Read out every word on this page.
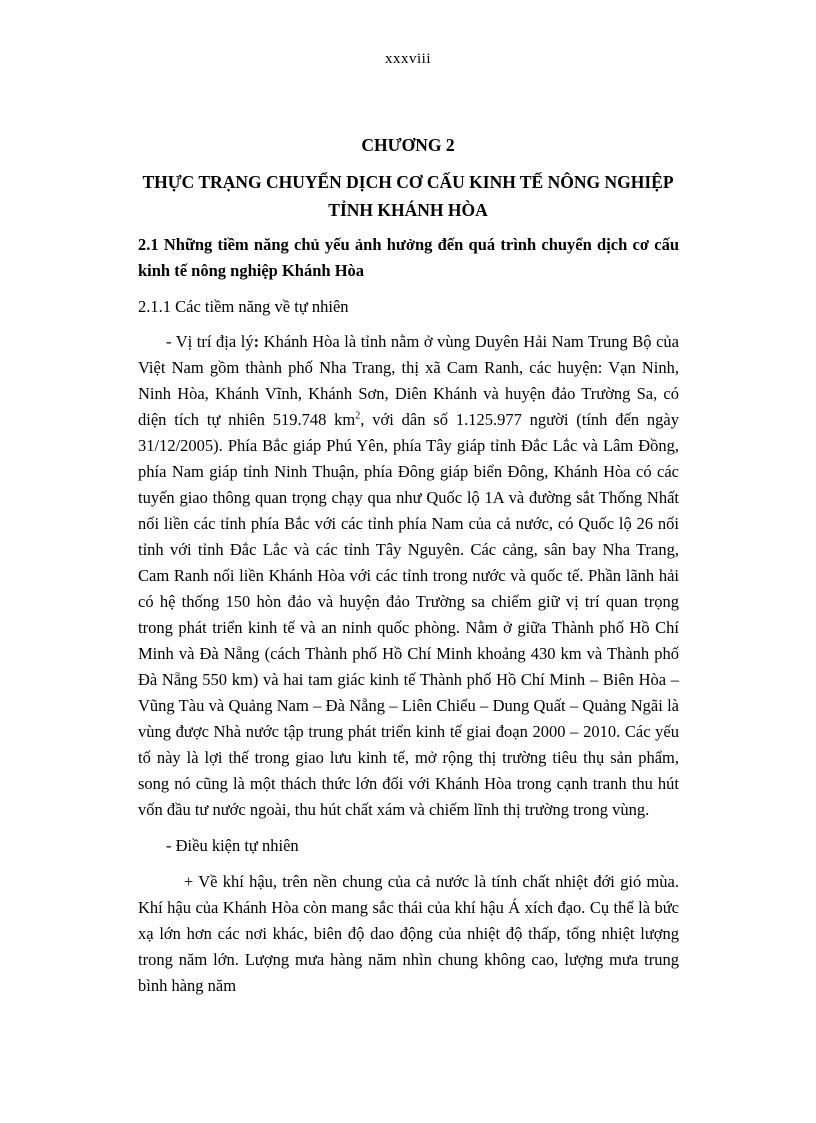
xxxviii
CHƯƠNG 2
THỰC TRẠNG CHUYỂN DỊCH CƠ CẤU KINH TẾ NÔNG NGHIỆP TỈNH KHÁNH HÒA

2.1 Những tiềm năng chủ yếu ảnh hưởng đến quá trình chuyển dịch cơ cấu kinh tế nông nghiệp Khánh Hòa

2.1.1 Các tiềm năng về tự nhiên

- Vị trí địa lý: Khánh Hòa là tỉnh nằm ở vùng Duyên Hải Nam Trung Bộ của Việt Nam gồm thành phố Nha Trang, thị xã Cam Ranh, các huyện: Vạn Ninh, Ninh Hòa, Khánh Vĩnh, Khánh Sơn, Diên Khánh và huyện đảo Trường Sa, có diện tích tự nhiên 519.748 $km^2$, với dân số 1.125.977 người (tính đến ngày 31/12/2005). Phía Bắc giáp Phú Yên, phía Tây giáp tỉnh Đắc Lắc và Lâm Đồng, phía Nam giáp tỉnh Ninh Thuận, phía Đông giáp biển Đông, Khánh Hòa có các tuyến giao thông quan trọng chạy qua như Quốc lộ 1A và đường sắt Thống Nhất nối liền các tỉnh phía Bắc với các tỉnh phía Nam của cả nước, có Quốc lộ 26 nối tỉnh với tỉnh Đắc Lắc và các tỉnh Tây Nguyên. Các cảng, sân bay Nha Trang, Cam Ranh nối liền Khánh Hòa với các tỉnh trong nước và quốc tế. Phần lãnh hải có hệ thống 150 hòn đảo và huyện đảo Trường sa chiếm giữ vị trí quan trọng trong phát triển kinh tế và an ninh quốc phòng. Nằm ở giữa Thành phố Hồ Chí Minh và Đà Nẵng (cách Thành phố Hồ Chí Minh khoảng 430 km và Thành phố Đà Nẵng 550 km) và hai tam giác kinh tế Thành phố Hồ Chí Minh – Biên Hòa – Vũng Tàu và Quảng Nam – Đà Nẵng – Liên Chiểu – Dung Quất – Quảng Ngãi là vùng được Nhà nước tập trung phát triển kinh tế giai đoạn 2000 – 2010. Các yếu tố này là lợi thế trong giao lưu kinh tế, mở rộng thị trường tiêu thụ sản phẩm, song nó cũng là một thách thức lớn đối với Khánh Hòa trong cạnh tranh thu hút vốn đầu tư nước ngoài, thu hút chất xám và chiếm lĩnh thị trường trong vùng.

- Điều kiện tự nhiên

+ Về khí hậu, trên nền chung của cả nước là tính chất nhiệt đới gió mùa. Khí hậu của Khánh Hòa còn mang sắc thái của khí hậu Á xích đạo. Cụ thể là bức xạ lớn hơn các nơi khác, biên độ dao động của nhiệt độ thấp, tổng nhiệt lượng trong năm lớn. Lượng mưa hàng năm nhìn chung không cao, lượng mưa trung bình hàng năm
